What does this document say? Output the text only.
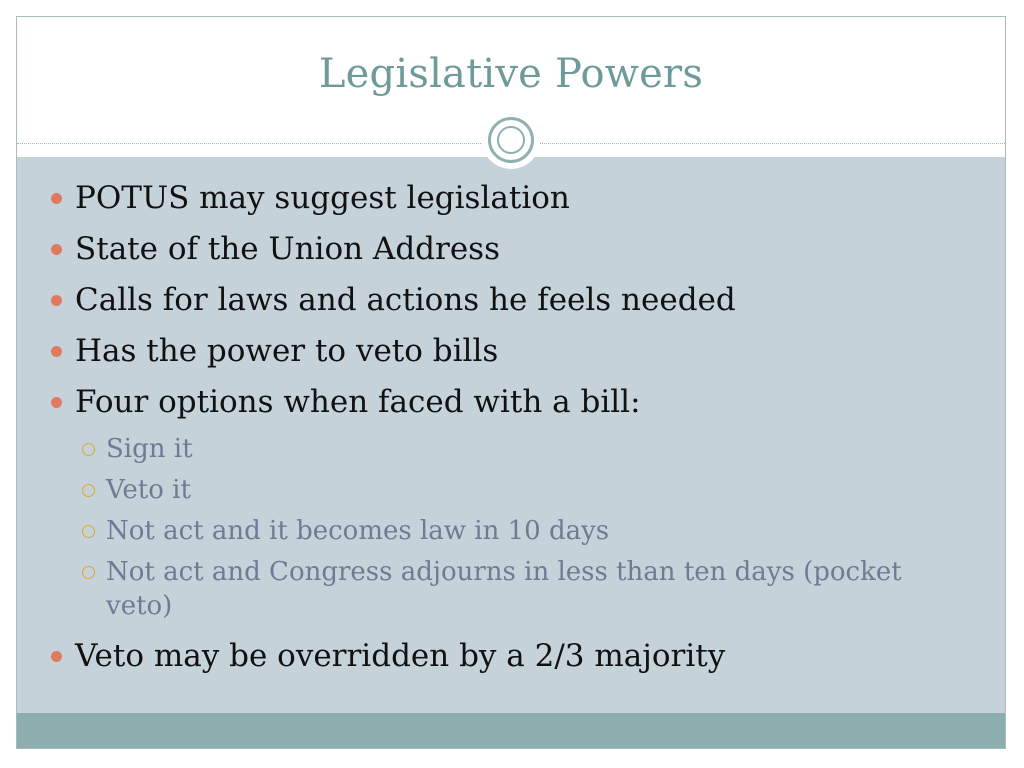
Legislative Powers
POTUS may suggest legislation
State of the Union Address
Calls for laws and actions he feels needed
Has the power to veto bills
Four options when faced with a bill:
Sign it
Veto it
Not act and it becomes law in 10 days
Not act and Congress adjourns in less than ten days (pocket veto)
Veto may be overridden by a 2/3 majority
